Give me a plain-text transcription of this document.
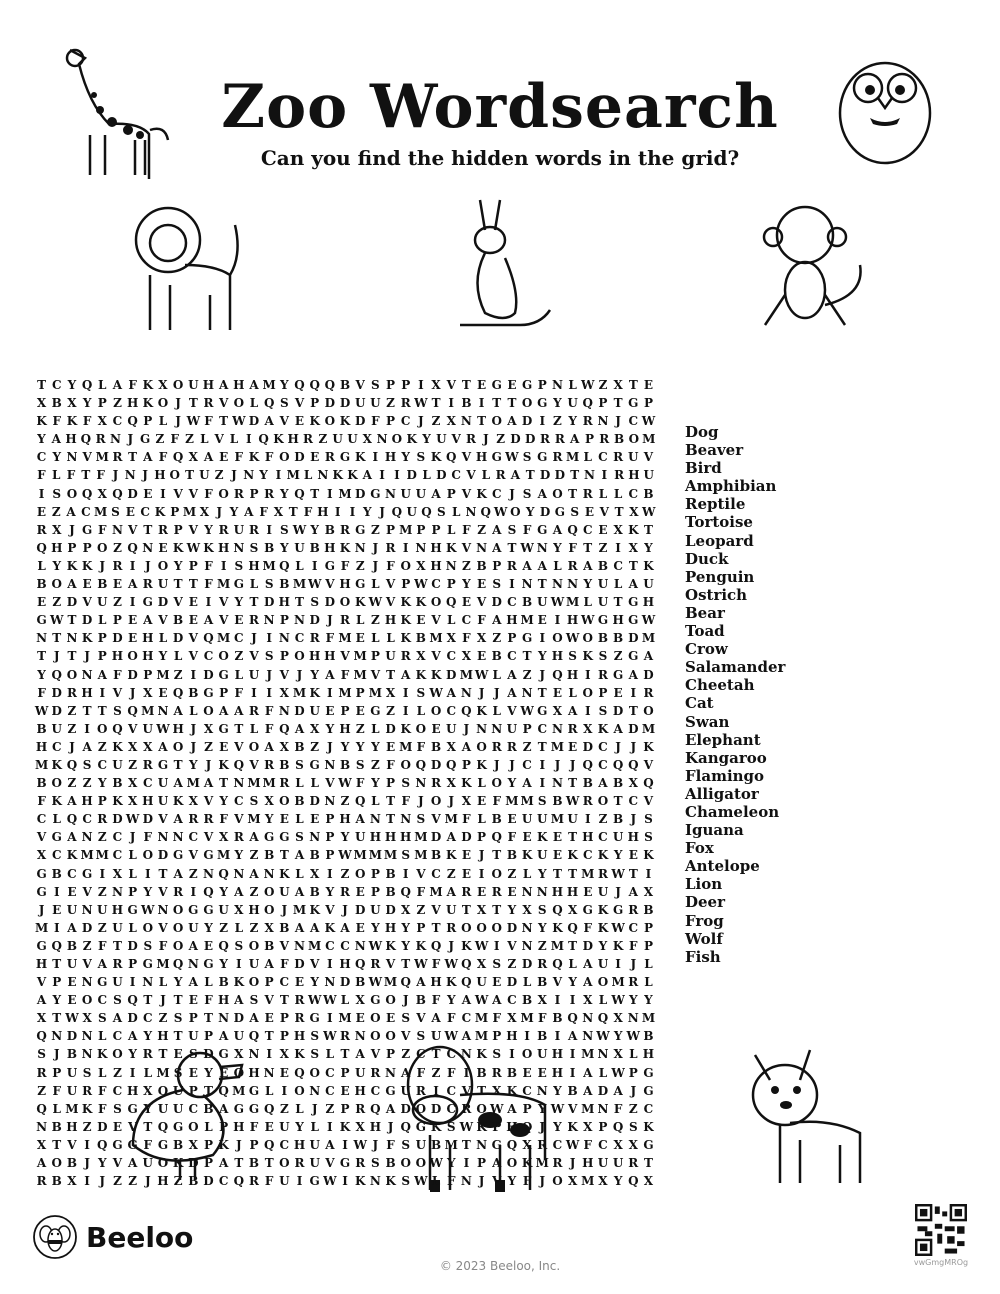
Zoo Wordsearch
Can you find the hidden words in the grid?
T C Y Q L A F K X O U H A H A M Y Q Q Q B V S P P I X V T E G E G P N L W Z X T E
X B X Y P Z H K O J T R V O L Q S V P D D U U Z R W T I B I T T O G Y U Q P T G P
K F K F X C Q P L J W F T W D A V E K O K D F P C J Z X N T O A D I Z Y R N J C W
Y A H Q R N J G Z F Z L V L I Q K H R Z U U X N O K Y U V R J Z D D R R A P R B O M
C Y N V M R T A F Q X A E F K F O D E R G K I H Y S K Q V H G W S G R M L C R U V
F L F T F J N J H O T U Z J N Y I M L N K K A I I D L D C V L R A T D D T N I R H U
I S O Q X Q D E I V V F O R P R Y Q T I M D G N U U A P V K C J S A O T R L L C B
E Z A C M S E C K P M X J Y A F X T F H I I Y J Q U Q S L N Q W O Y D G S E V T X W
R X J G F N V T R P V Y R U R I S W Y B R G Z P M P P L F Z A S F G A Q C E X K T
Q H P P O Z Q N E K W K H N S B Y U B H K N J R I N H K V N A T W N Y F T Z I X Y
L Y K K J R I J O Y P F I S H M Q L I G F Z J F O X H N Z B P R A A L R A B C T K
B O A E B E A R U T T F M G L S B M W V H G L V P W C P Y E S I N T N N Y U L A U
E Z D V U Z I G D V E I V Y T D H T S D O K W V K K O Q E V D C B U W M L U T G H
G W T D L P E A V B E A V E R N P N D J R L Z H K E V L C F A H M E I H W G H G W
N T N K P D E H L D V Q M C J I N C R F M E L L K B M X F X Z P G I O W O B B D M
T J T J P H O H Y L V C O Z V S P O H H V M P U R X V C X E B C T Y H S K S Z G A
Y Q O N A F D P M Z I D G L U J V J Y A F M V T A K K D M W L A Z J Q H I R G A D
F D R H I V J X E Q B G P F I I X M K I M P M X I S W A N J J A N T E L O P E I R
W D Z T T S Q M N A L O A A R F N D U E P E G Z I L O C Q K L V W G X A I S D T O
B U Z I O Q V U W H J X G T L F Q A X Y H Z L D K O E U J N N U P C N R X K A D M
H C J A Z K X X A O J Z E V O A X B Z J Y Y Y E M F B X A O R R Z T M E D C J J K
M K Q S C U Z R G T Y J K Q V R B S G N B S Z F O Q D Q P K J J C I J J Q C Q Q V
B O Z Z Y B X C U A M A T N M M R L L V W F Y P S N R X K L O Y A I N T B A B X Q
F K A H P K X H U K X V Y C S X O B D N Z Q L T F J O J X E F M M S B W R O T C V
C L Q C R D W D V A R R F V M Y E L E P H A N T N S V M F L B E U U M U I Z B J S
V G A N Z C J F N N C V X R A G G S N P Y U H H H M D A D P Q F E K E T H C U H S
X C K M M C L O D G V G M Y Z B T A B P W M M M S M B K E J T B K U E K C K Y E K
G B C G I X L I T A Z N Q N A N K L X I Z O P B I V C Z E I O Z L Y T T M R W T I
G I E V Z N P Y V R I Q Y A Z O U A B Y R E P B Q F M A R E R E N N H H E U J A X
J E U N U H G W N O G G U X H O J M K V J D U D X Z V U T X T Y X S Q X G K G R B
M I A D Z U L O V O U Y Z L Z X B A A K A E Y H Y P T R O O O D N Y K Q F K W C P
G Q B Z F T D S F O A E Q S O B V N M C C N W K Y K Q J K W I V N Z M T D Y K F P
H T U V A R P G M Q N G Y I U A F D V I H Q R V T W F W Q X S Z D R Q L A U I J L
V P E N G U I N L Y A L B K O P C E Y N D B W M Q A H K Q U E D L B V Y A O M R L
A Y E O C S Q T J T E F H A S V T R W W L X G O J B F Y A W A C B X I I X L W Y Y
X T W X S A D C Z S P T N D A E P R G I M E O E S V A F C M F X M F B Q N Q X N M
Q N D N L C A Y H T U P A U Q T P H S W R N O O V S U W A M P H I B I A N W Y W B
S J B N K O Y R T E S D G X N I X K S L T A V P Z C T C N K S I O U H I M N X L H
R P U S L Z I L M S E Y E O H N E Q O C P U R N A F Z F I B R B E E H I A L W P G
Z F U R F C H X O U P T Q M G L I O N C E H C G U R I C V T X K C N Y B A D A J G
Q L M K F S G Y U U C B A G G Q Z L J Z P R Q A D O D C R O W A P Y W V M N F Z C
N B H Z D E V T Q G O L P H F E U Y L I K X H J Q G K S W K P H Q J Y K X P Q S K
X T V I Q G G F G B X P K J P Q C H U A I W J F S U B M T N G Q X R C W F C X X G
A O B J Y V A U O K D P A T B T O R U V G R S B O O W Y I P A O K M R J H U U R T
R B X I J Z Z J H Z B D C Q R F U I G W I K N K S W L F N J V Y F J O X M X Y Q X
Dog
Beaver
Bird
Amphibian
Reptile
Tortoise
Leopard
Duck
Penguin
Ostrich
Bear
Toad
Crow
Salamander
Cheetah
Cat
Swan
Elephant
Kangaroo
Flamingo
Alligator
Chameleon
Iguana
Fox
Antelope
Lion
Deer
Frog
Wolf
Fish
Beeloo
© 2023 Beeloo, Inc.	vwGmgMROg
